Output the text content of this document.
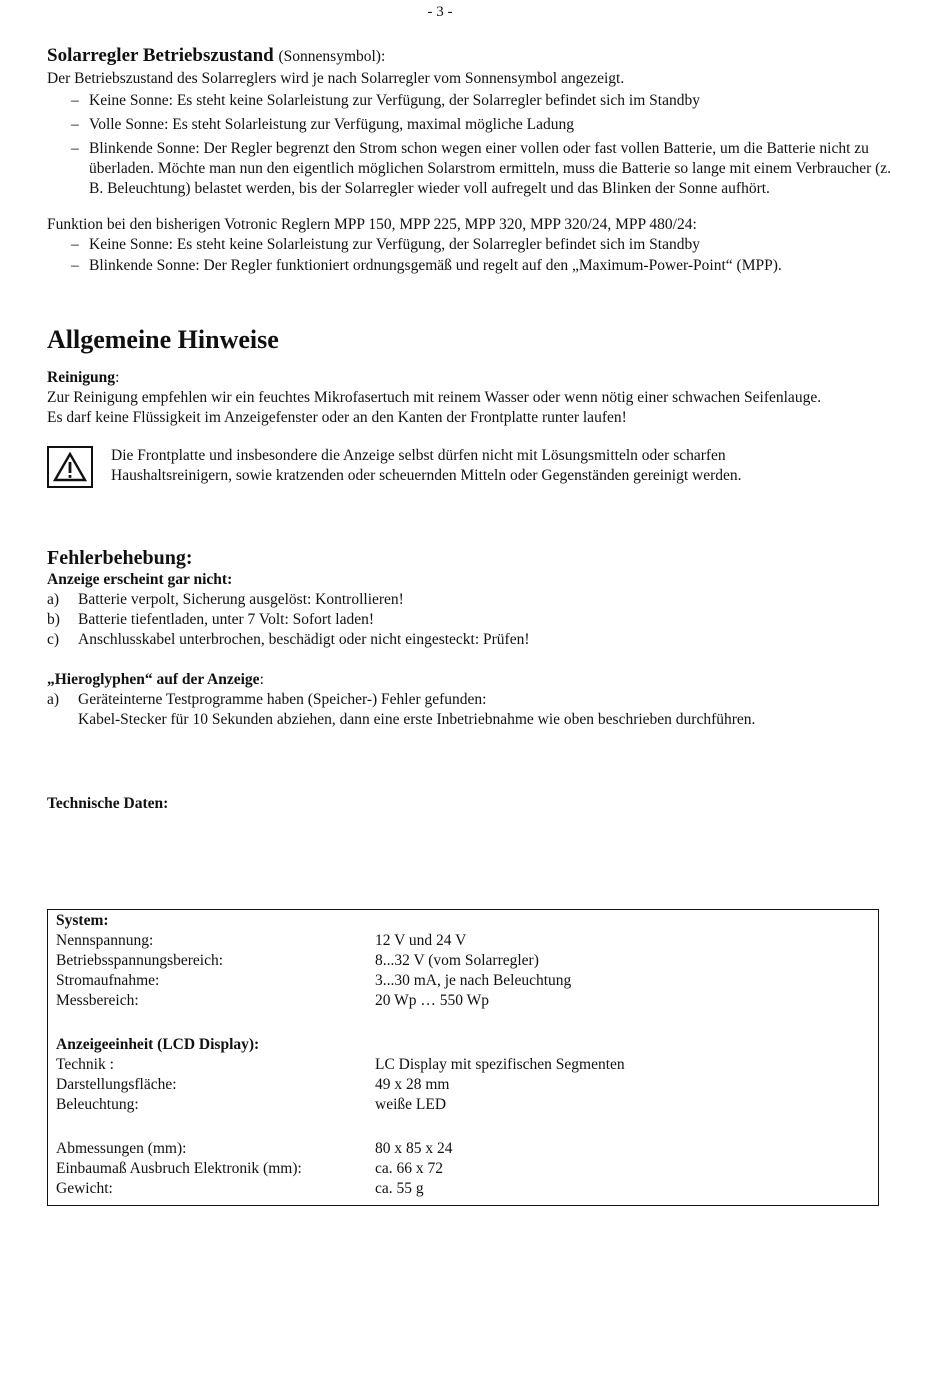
- 3 -
Solarregler Betriebszustand (Sonnensymbol):

Der Betriebszustand des Solarreglers wird je nach Solarregler vom Sonnensymbol angezeigt.

– Keine Sonne: Es steht keine Solarleistung zur Verfügung, der Solarregler befindet sich im Standby
– Volle Sonne: Es steht Solarleistung zur Verfügung, maximal mögliche Ladung
– Blinkende Sonne: Der Regler begrenzt den Strom schon wegen einer vollen oder fast vollen Batterie, um die Batterie nicht zu überladen. Möchte man nun den eigentlich möglichen Solarstrom ermitteln, muss die Batterie so lange mit einem Verbraucher (z. B. Beleuchtung) belastet werden, bis der Solarregler wieder voll aufregelt und das Blinken der Sonne aufhört.

Funktion bei den bisherigen Votronic Reglern MPP 150, MPP 225, MPP 320, MPP 320/24, MPP 480/24:

– Keine Sonne: Es steht keine Solarleistung zur Verfügung, der Solarregler befindet sich im Standby
– Blinkende Sonne: Der Regler funktioniert ordnungsgemäß und regelt auf den „Maximum-Power-Point“ (MPP).
Allgemeine Hinweise

Reinigung:

Zur Reinigung empfehlen wir ein feuchtes Mikrofasertuch mit reinem Wasser oder wenn nötig einer schwachen Seifenlauge.

Es darf keine Flüssigkeit im Anzeigefenster oder an den Kanten der Frontplatte runter laufen!

Die Frontplatte und insbesondere die Anzeige selbst dürfen nicht mit Lösungsmitteln oder scharfen Haushaltsreinigern, sowie kratzenden oder scheuernden Mitteln oder Gegenständen gereinigt werden.

Fehlerbehebung:

Anzeige erscheint gar nicht:

a)	Batterie verpolt, Sicherung ausgelöst: Kontrollieren!
b)	Batterie tiefentladen, unter 7 Volt: Sofort laden!
c)	Anschlusskabel unterbrochen, beschädigt oder nicht eingesteckt: Prüfen!

„Hieroglyphen“ auf der Anzeige:

a)	Geräteinterne Testprogramme haben (Speicher-) Fehler gefunden:

Kabel-Stecker für 10 Sekunden abziehen, dann eine erste Inbetriebnahme wie oben beschrieben durchführen.

Technische Daten:

System:
Nennspannung:	12 V und 24 V
Betriebsspannungsbereich:	8...32 V (vom Solarregler)
Stromaufnahme:	3...30 mA, je nach Beleuchtung
Messbereich:	20 Wp … 550 Wp
Anzeigeeinheit (LCD Display):
Technik :	LC Display mit spezifischen Segmenten
Darstellungsfläche:	49 x 28 mm
Beleuchtung:	weiße LED
Abmessungen (mm):	80 x 85 x 24
Einbaumaß Ausbruch Elektronik (mm):	ca. 66 x 72
Gewicht:	ca. 55 g
